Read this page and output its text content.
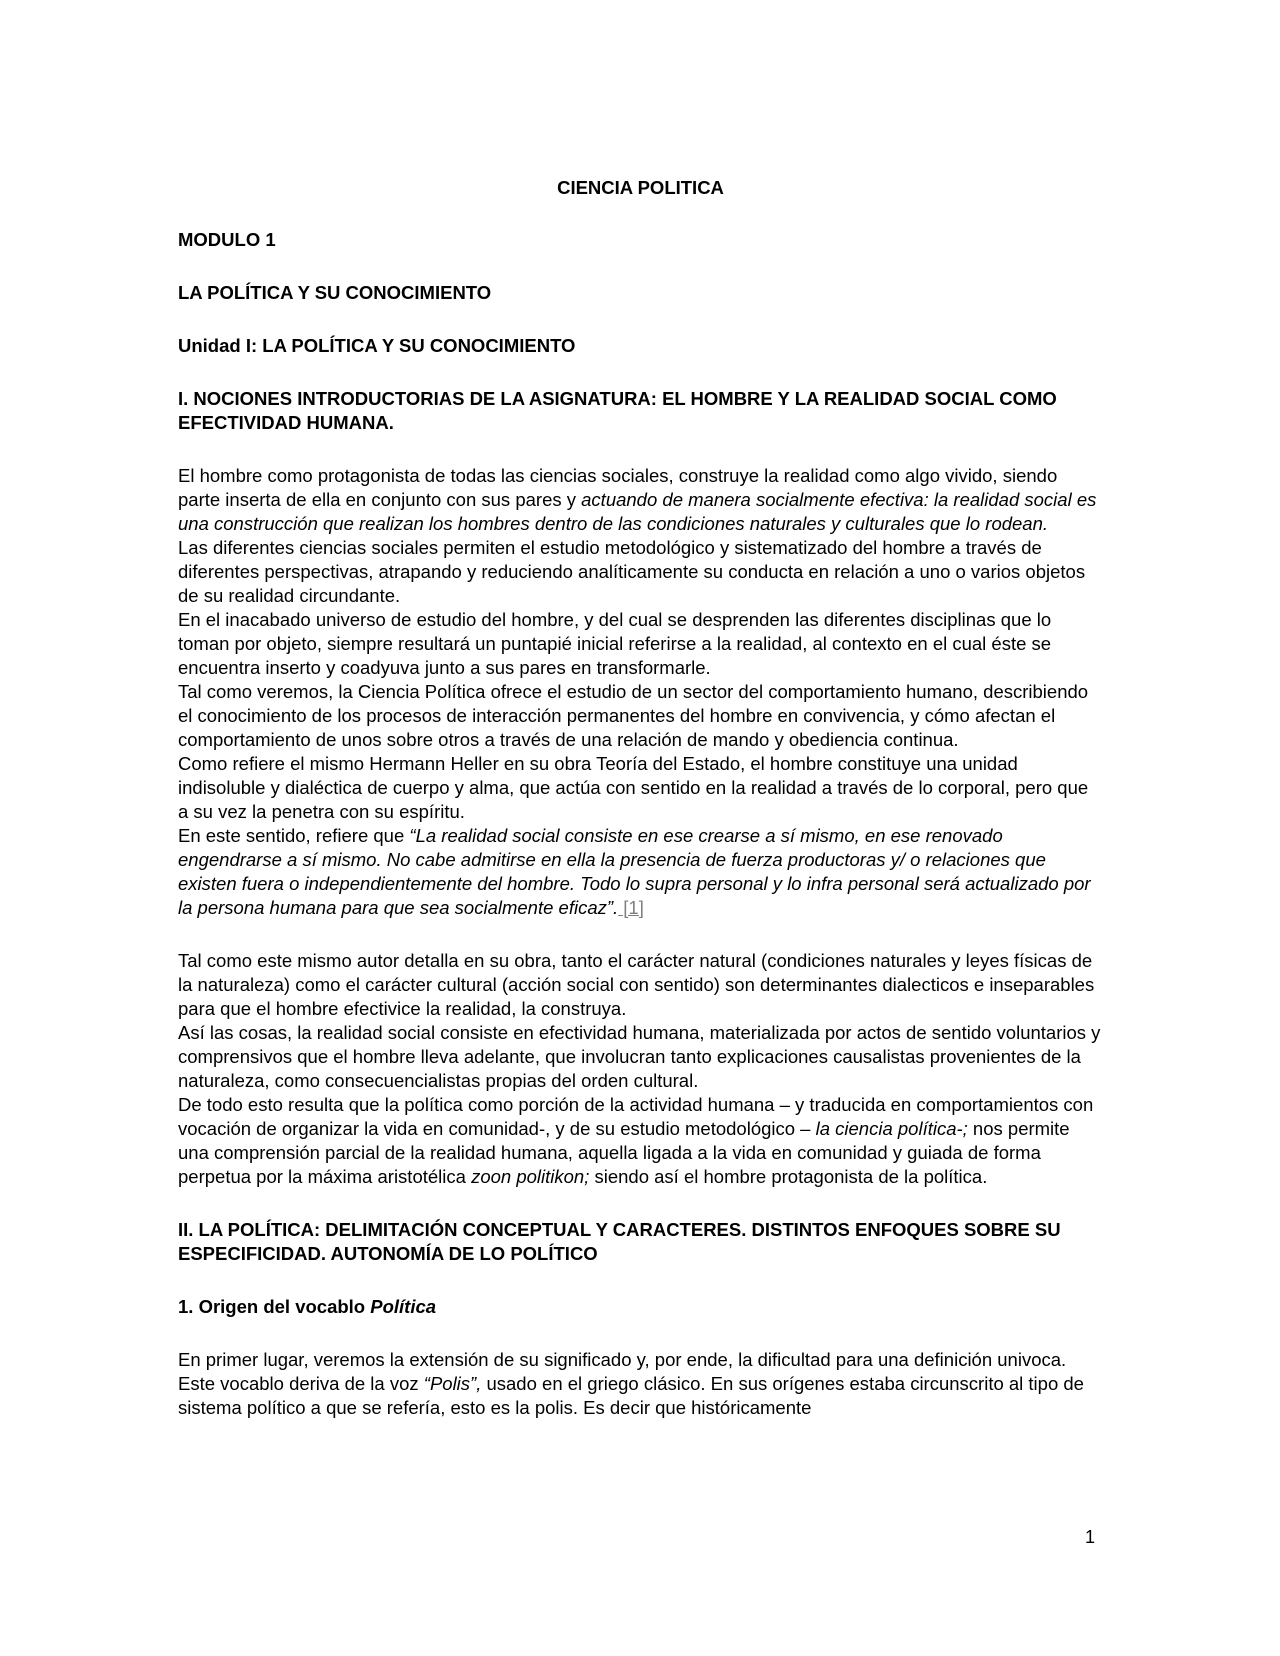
CIENCIA POLITICA
MODULO 1
LA POLÍTICA Y SU CONOCIMIENTO
Unidad I: LA POLÍTICA Y SU CONOCIMIENTO
I. NOCIONES INTRODUCTORIAS DE LA ASIGNATURA: EL HOMBRE Y LA REALIDAD SOCIAL COMO EFECTIVIDAD HUMANA.

El hombre como protagonista de todas las ciencias sociales, construye la realidad como algo vivido, siendo parte inserta de ella en conjunto con sus pares y actuando de manera socialmente efectiva: la realidad social es una construcción que realizan los hombres dentro de las condiciones naturales y culturales que lo rodean.

Las diferentes ciencias sociales permiten el estudio metodológico y sistematizado del hombre a través de diferentes perspectivas, atrapando y reduciendo analíticamente su conducta en relación a uno o varios objetos de su realidad circundante.

En el inacabado universo de estudio del hombre, y del cual se desprenden las diferentes disciplinas que lo toman por objeto, siempre resultará un puntapié inicial referirse a la realidad, al contexto en el cual éste se encuentra inserto y coadyuva junto a sus pares en transformarle.

Tal como veremos, la Ciencia Política ofrece el estudio de un sector del comportamiento humano, describiendo el conocimiento de los procesos de interacción permanentes del hombre en convivencia, y cómo afectan el comportamiento de unos sobre otros a través de una relación de mando y obediencia continua.

Como refiere el mismo Hermann Heller en su obra Teoría del Estado, el hombre constituye una unidad indisoluble y dialéctica de cuerpo y alma, que actúa con sentido en la realidad a través de lo corporal, pero que a su vez la penetra con su espíritu.

En este sentido, refiere que “La realidad social consiste en ese crearse a sí mismo, en ese renovado engendrarse a sí mismo. No cabe admitirse en ella la presencia de fuerza productoras y/ o relaciones que existen fuera o independientemente del hombre. Todo lo supra personal y lo infra personal será actualizado por la persona humana para que sea socialmente eficaz”. [1]

Tal como este mismo autor detalla en su obra, tanto el carácter natural (condiciones naturales y leyes físicas de la naturaleza) como el carácter cultural (acción social con sentido) son determinantes dialecticos e inseparables para que el hombre efectivice la realidad, la construya.

Así las cosas, la realidad social consiste en efectividad humana, materializada por actos de sentido voluntarios y comprensivos que el hombre lleva adelante, que involucran tanto explicaciones causalistas provenientes de la naturaleza, como consecuencialistas propias del orden cultural.

De todo esto resulta que la política como porción de la actividad humana – y traducida en comportamientos con vocación de organizar la vida en comunidad-, y de su estudio metodológico – la ciencia política-; nos permite una comprensión parcial de la realidad humana, aquella ligada a la vida en comunidad y guiada de forma perpetua por la máxima aristotélica zoon politikon; siendo así el hombre protagonista de la política.

II. LA POLÍTICA: DELIMITACIÓN CONCEPTUAL Y CARACTERES. DISTINTOS ENFOQUES SOBRE SU ESPECIFICIDAD. AUTONOMÍA DE LO POLÍTICO
1. Origen del vocablo Política

En primer lugar, veremos la extensión de su significado y, por ende, la dificultad para una definición univoca. Este vocablo deriva de la voz “Polis”, usado en el griego clásico. En sus orígenes estaba circunscrito al tipo de sistema político a que se refería, esto es la polis. Es decir que históricamente

1
